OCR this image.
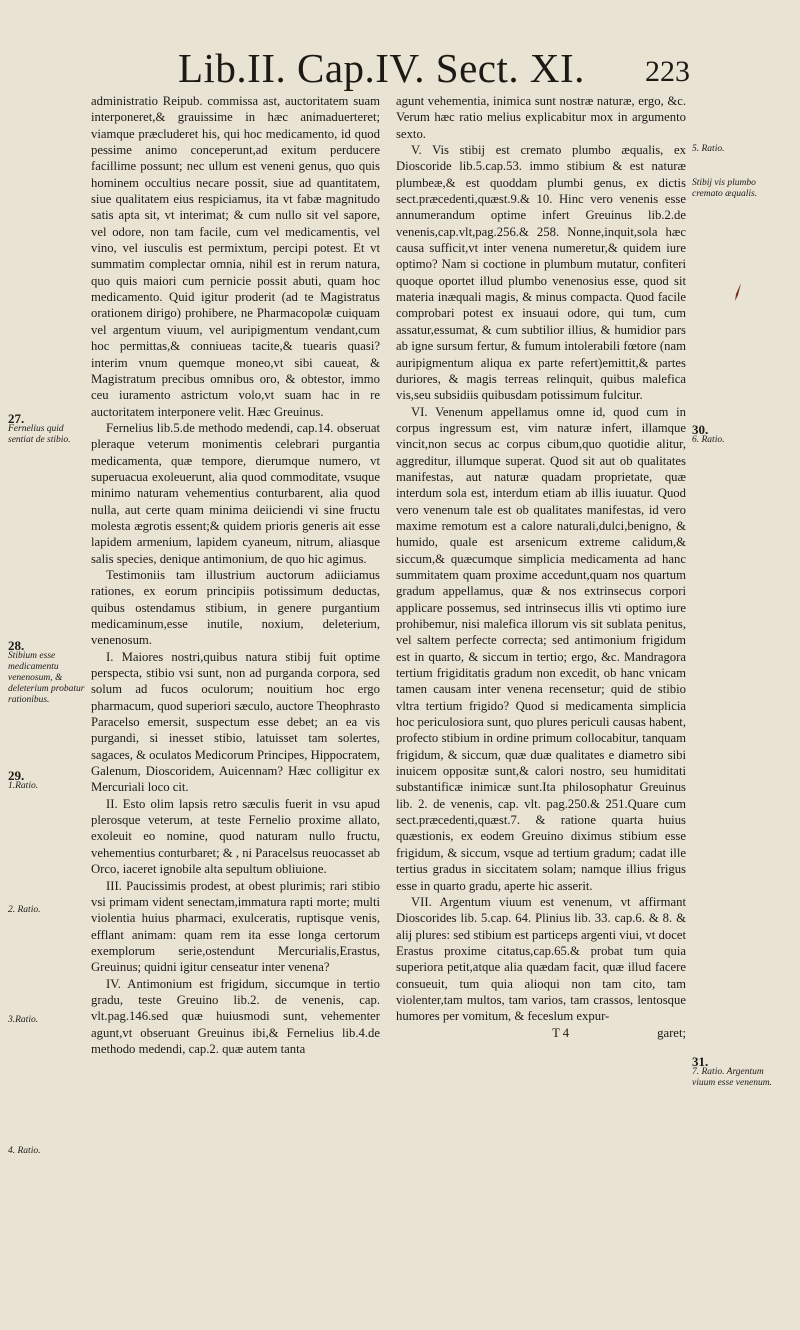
Lib.II. Cap.IV. Sect. XI. 223

administratio Reipub. commissa ast, auctoritatem suam interponeret,& grauissime in hæc animaduerteret; viamque præcluderet his, qui hoc medicamento, id quod pessime animo conceperunt,ad exitum perducere facillime possunt; nec ullum est veneni genus, quo quis hominem occultius necare possit, siue ad quantitatem, siue qualitatem eius respiciamus, ita vt fabæ magnitudo satis apta sit, vt interimat; & cum nullo sit vel sapore, vel odore, non tam facile, cum vel medicamentis, vel vino, vel iusculis est permixtum, percipi potest. Et vt summatim complectar omnia, nihil est in rerum natura, quo quis maiori cum pernicie possit abuti, quam hoc medicamento. Quid igitur proderit (ad te Magistratus orationem dirigo) prohibere, ne Pharmacopolæ cuiquam vel argentum viuum, vel auripigmentum vendant,cum hoc permittas,& conniueas tacite,& tuearis quasi? interim vnum quemque moneo,vt sibi caueat, & Magistratum precibus omnibus oro, & obtestor, immo ceu iuramento astrictum volo,vt suam hac in re auctoritatem interponere velit. Hæc Greuinus.

Fernelius lib.5.de methodo medendi, cap.14. obseruat pleraque veterum monimentis celebrari purgantia medicamenta, quæ tempore, dierumque numero, vt superuacua exoleuerunt, alia quod commoditate, vsuque minimo naturam vehementius conturbarent, alia quod nulla, aut certe quam minima deiiciendi vi sine fructu molesta ægrotis essent;& quidem prioris generis ait esse lapidem armenium, lapidem cyaneum, nitrum, aliasque salis species, denique antimonium, de quo hic agimus.

Testimoniis tam illustrium auctorum adiiciamus rationes, ex eorum principiis potissimum deductas, quibus ostendamus stibium, in genere purgantium medicaminum,esse inutile, noxium, deleterium, venenosum.

I. Maiores nostri,quibus natura stibij fuit optime perspecta, stibio vsi sunt, non ad purganda corpora, sed solum ad fucos oculorum; nouitium hoc ergo pharmacum, quod superiori sæculo, auctore Theophrasto Paracelso emersit, suspectum esse debet; an ea vis purgandi, si inesset stibio, latuisset tam solertes, sagaces, & oculatos Medicorum Principes, Hippocratem, Galenum, Dioscoridem, Auicennam? Hæc colligitur ex Mercuriali loco cit.

II. Esto olim lapsis retro sæculis fuerit in vsu apud plerosque veterum, at teste Fernelio proxime allato, exoleuit eo nomine, quod naturam nullo fructu, vehementius conturbaret; & , ni Paracelsus reuocasset ab Orco, iaceret ignobile alta sepultum obliuione.

III. Paucissimis prodest, at obest plurimis; rari stibio vsi primam vident senectam,immatura rapti morte; multi violentia huius pharmaci, exulceratis, ruptisque venis, efflant animam: quam rem ita esse longa certorum exemplorum serie,ostendunt Mercurialis,Erastus, Greuinus; quidni igitur censeatur inter venena?

IV. Antimonium est frigidum, siccumque in tertio gradu, teste Greuino lib.2. de venenis, cap. vlt.pag.146.sed quæ huiusmodi sunt, vehementer agunt,vt obseruant Greuinus ibi,& Fernelius lib.4.de methodo medendi, cap.2. quæ autem tanta

agunt vehementia, inimica sunt nostræ naturæ, ergo, &c. Verum hæc ratio melius explicabitur mox in argumento sexto.

V. Vis stibij est cremato plumbo æqualis, ex Dioscoride lib.5.cap.53. immo stibium & est naturæ plumbeæ,& est quoddam plumbi genus, ex dictis sect.præcedenti,quæst.9.& 10. Hinc vero venenis esse annumerandum optime infert Greuinus lib.2.de venenis,cap.vlt,pag.256.& 258. Nonne,inquit,sola hæc causa sufficit,vt inter venena numeretur,& quidem iure optimo? Nam si coctione in plumbum mutatur, confiteri quoque oportet illud plumbo venenosius esse, quod sit materia inæquali magis, & minus compacta. Quod facile comprobari potest ex insuaui odore, qui tum, cum assatur,essumat, & cum subtilior illius, & humidior pars ab igne sursum fertur, & fumum intolerabili fœtore (nam auripigmentum aliqua ex parte refert)emittit,& partes duriores, & magis terreas relinquit, quibus malefica vis,seu subsidiis quibusdam potissimum fulcitur.

VI. Venenum appellamus omne id, quod cum in corpus ingressum est, vim naturæ infert, illamque vincit,non secus ac corpus cibum,quo quotidie alitur, aggreditur, illumque superat. Quod sit aut ob qualitates manifestas, aut naturæ quadam proprietate, quæ interdum sola est, interdum etiam ab illis iuuatur. Quod vero venenum tale est ob qualitates manifestas, id vero maxime remotum est a calore naturali,dulci,benigno, & humido, quale est arsenicum extreme calidum,& siccum,& quæcumque simplicia medicamenta ad hanc summitatem quam proxime accedunt,quam nos quartum gradum appellamus, quæ & nos extrinsecus corpori applicare possemus, sed intrinsecus illis vti optimo iure prohibemur, nisi malefica illorum vis sit sublata penitus, vel saltem perfecte correcta; sed antimonium frigidum est in quarto, & siccum in tertio; ergo, &c. Mandragora tertium frigiditatis gradum non excedit, ob hanc vnicam tamen causam inter venena recensetur; quid de stibio vltra tertium frigido? Quod si medicamenta simplicia hoc periculosiora sunt, quo plures periculi causas habent, profecto stibium in ordine primum collocabitur, tanquam frigidum, & siccum, quæ duæ qualitates e diametro sibi inuicem oppositæ sunt,& calori nostro, seu humiditati substantificæ inimicæ sunt.Ita philosophatur Greuinus lib. 2. de venenis, cap. vlt. pag.250.& 251.Quare cum sect.præcedenti,quæst.7. & ratione quarta huius quæstionis, ex eodem Greuino diximus stibium esse frigidum, & siccum, vsque ad tertium gradum; cadat ille tertius gradus in siccitatem solam; namque illius frigus esse in quarto gradu, aperte hic asserit.

VII. Argentum viuum est venenum, vt affirmant Dioscorides lib. 5.cap. 64. Plinius lib. 33. cap.6. & 8. & alij plures: sed stibium est particeps argenti viui, vt docet Erastus proxime citatus,cap.65.& probat tum quia superiora petit,atque alia quædam facit, quæ illud facere consueuit, tum quia alioqui non tam cito, tam violenter,tam multos, tam varios, tam crassos, lentosque humores per vomitum, & feceslum expur-

T 4	garet;
27.
Fernelius quid sentiat de stibio.
28.
Stibium esse medicamentu venenosum, & deleterium probatur rationibus.
29.
1.Ratio.
2. Ratio.
3.Ratio.
4. Ratio.
5. Ratio.
Stibij vis plumbo cremato æqualis.
30.
6. Ratio.
31.
7. Ratio. Argentum viuum esse venenum.
